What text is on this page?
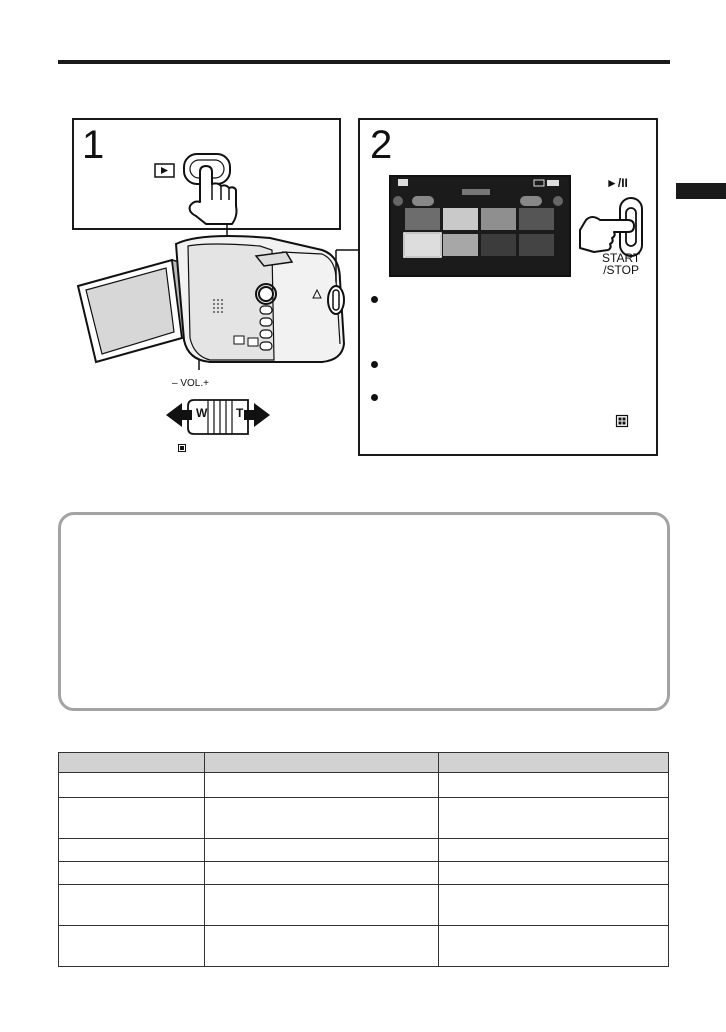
1
– VOL.+
W T
2
►/II
START
/STOP
